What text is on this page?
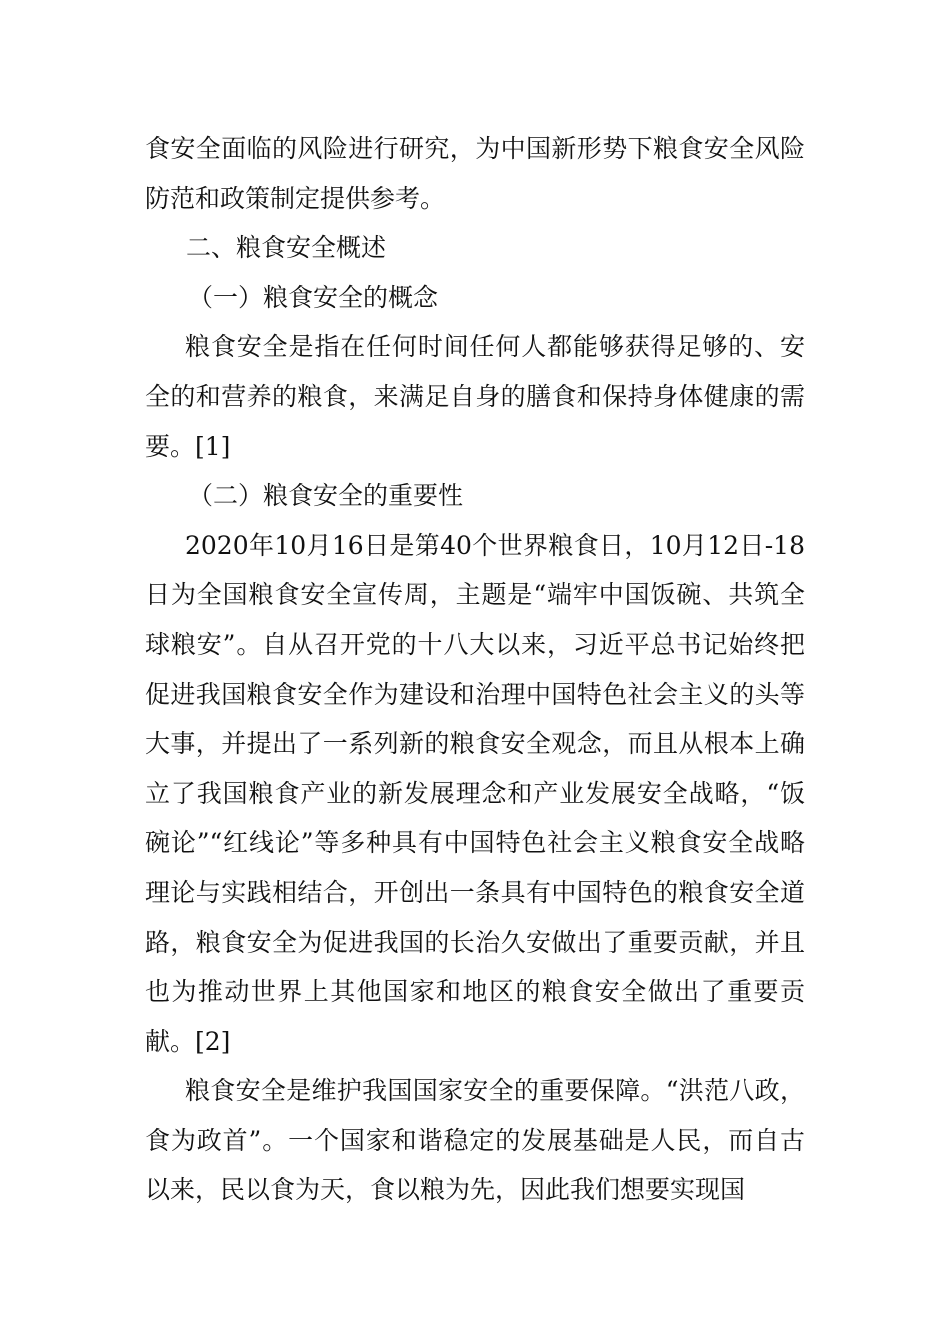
食安全面临的风险进行研究，为中国新形势下粮食安全风险防范和政策制定提供参考。

二、粮食安全概述

（一）粮食安全的概念

粮食安全是指在任何时间任何人都能够获得足够的、安全的和营养的粮食，来满足自身的膳食和保持身体健康的需要。[1]

（二）粮食安全的重要性

2020年10月16日是第40个世界粮食日，10月12日-18日为全国粮食安全宣传周，主题是“端牢中国饭碗、共筑全球粮安”。自从召开党的十八大以来，习近平总书记始终把促进我国粮食安全作为建设和治理中国特色社会主义的头等大事，并提出了一系列新的粮食安全观念，而且从根本上确立了我国粮食产业的新发展理念和产业发展安全战略，“饭碗论”“红线论”等多种具有中国特色社会主义粮食安全战略理论与实践相结合，开创出一条具有中国特色的粮食安全道路，粮食安全为促进我国的长治久安做出了重要贡献，并且也为推动世界上其他国家和地区的粮食安全做出了重要贡献。[2]

粮食安全是维护我国国家安全的重要保障。“洪范八政，食为政首”。一个国家和谐稳定的发展基础是人民，而自古以来，民以食为天，食以粮为先，因此我们想要实现国
